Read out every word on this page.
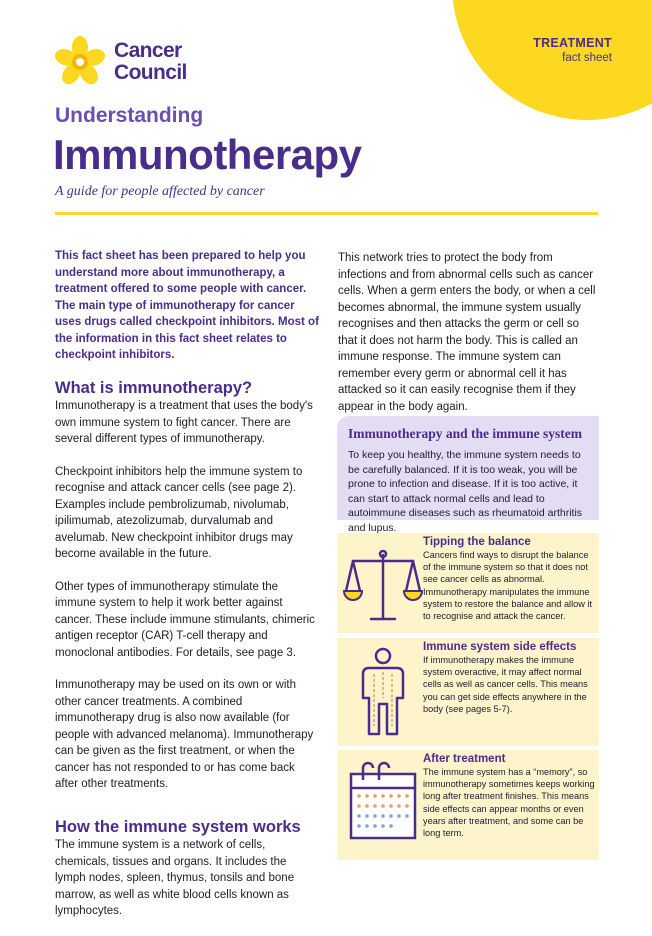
TREATMENT
fact sheet
Cancer
Council
Understanding
Immunotherapy
A guide for people affected by cancer

This fact sheet has been prepared to help you understand more about immunotherapy, a treatment offered to some people with cancer. The main type of immunotherapy for cancer uses drugs called checkpoint inhibitors. Most of the information in this fact sheet relates to checkpoint inhibitors.

What is immunotherapy?

Immunotherapy is a treatment that uses the body's own immune system to fight cancer. There are several different types of immunotherapy.

Checkpoint inhibitors help the immune system to recognise and attack cancer cells (see page 2). Examples include pembrolizumab, nivolumab, ipilimumab, atezolizumab, durvalumab and avelumab. New checkpoint inhibitor drugs may become available in the future.

Other types of immunotherapy stimulate the immune system to help it work better against cancer. These include immune stimulants, chimeric antigen receptor (CAR) T-cell therapy and monoclonal antibodies. For details, see page 3.

Immunotherapy may be used on its own or with other cancer treatments. A combined immunotherapy drug is also now available (for people with advanced melanoma). Immunotherapy can be given as the first treatment, or when the cancer has not responded to or has come back after other treatments.

How the immune system works

The immune system is a network of cells, chemicals, tissues and organs. It includes the lymph nodes, spleen, thymus, tonsils and bone marrow, as well as white blood cells known as lymphocytes.

This network tries to protect the body from infections and from abnormal cells such as cancer cells. When a germ enters the body, or when a cell becomes abnormal, the immune system usually recognises and then attacks the germ or cell so that it does not harm the body. This is called an immune response. The immune system can remember every germ or abnormal cell it has attacked so it can easily recognise them if they appear in the body again.

Immunotherapy and the immune system

To keep you healthy, the immune system needs to be carefully balanced. If it is too weak, you will be prone to infection and disease. If it is too active, it can start to attack normal cells and lead to autoimmune diseases such as rheumatoid arthritis and lupus.

Tipping the balance

Cancers find ways to disrupt the balance of the immune system so that it does not see cancer cells as abnormal. Immunotherapy manipulates the immune system to restore the balance and allow it to recognise and attack the cancer.

Immune system side effects

If immunotherapy makes the immune system overactive, it may affect normal cells as well as cancer cells. This means you can get side effects anywhere in the body (see pages 5-7).

After treatment

The immune system has a “memory”, so immunotherapy sometimes keeps working long after treatment finishes. This means side effects can appear months or even years after treatment, and some can be long term.
